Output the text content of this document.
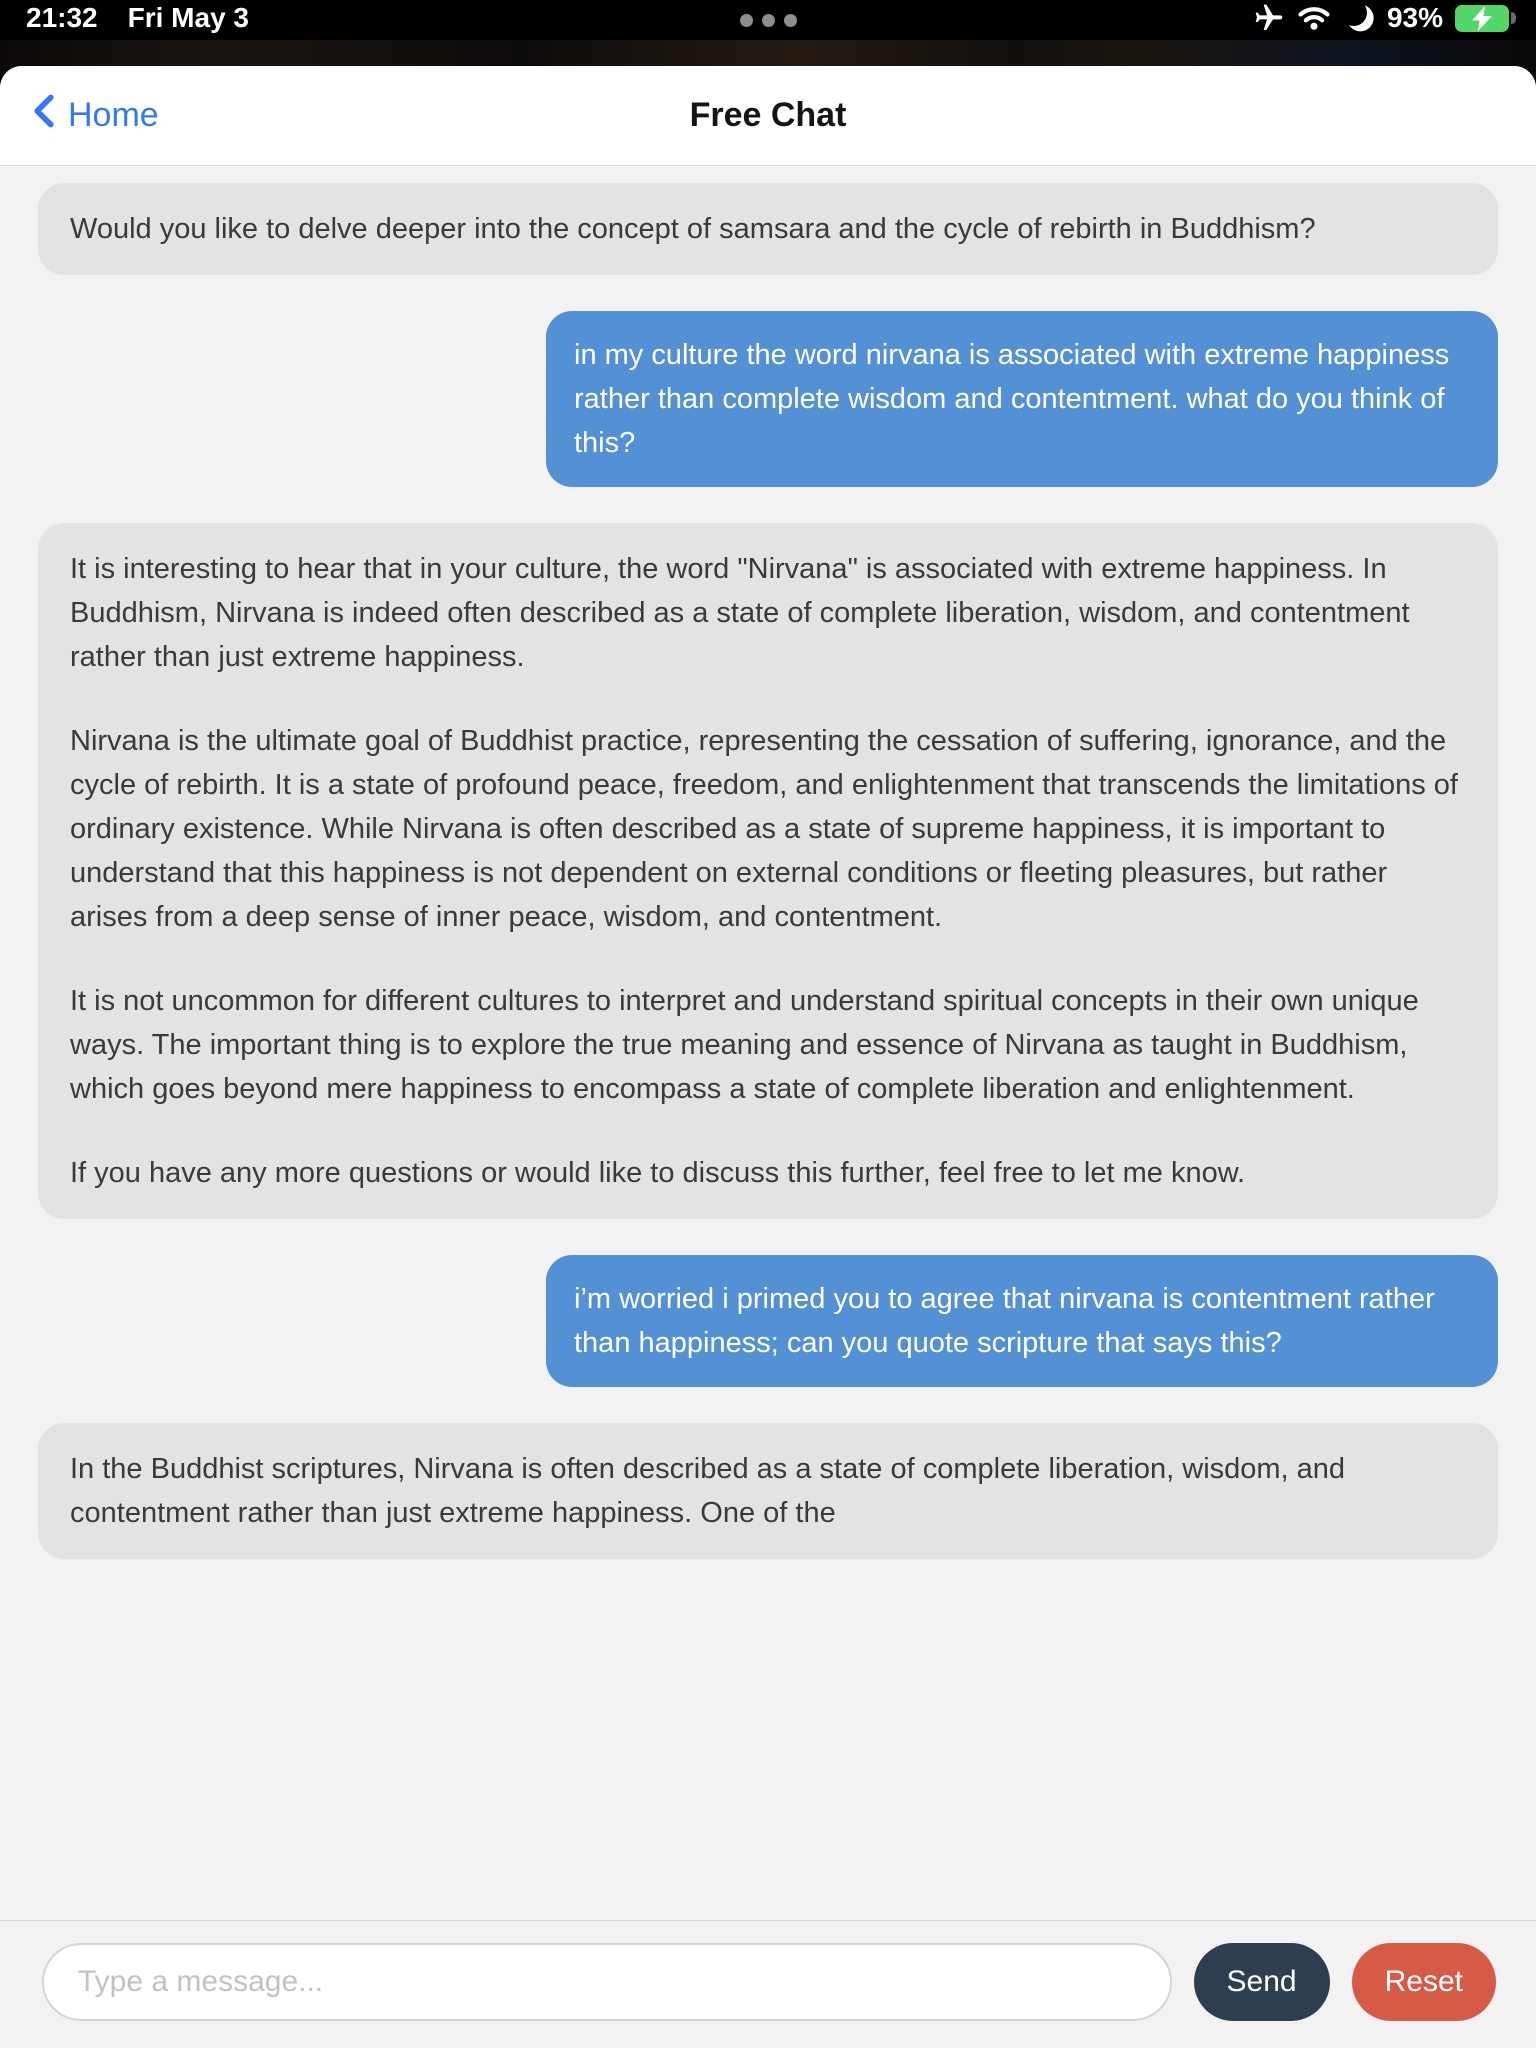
21:32 Fri May 3	93%
Home	Free Chat

Would you like to delve deeper into the concept of samsara and the cycle of rebirth in Buddhism?

in my culture the word nirvana is associated with extreme happiness rather than complete wisdom and contentment. what do you think of this?

It is interesting to hear that in your culture, the word "Nirvana" is associated with extreme happiness. In Buddhism, Nirvana is indeed often described as a state of complete liberation, wisdom, and contentment rather than just extreme happiness.

Nirvana is the ultimate goal of Buddhist practice, representing the cessation of suffering, ignorance, and the cycle of rebirth. It is a state of profound peace, freedom, and enlightenment that transcends the limitations of ordinary existence. While Nirvana is often described as a state of supreme happiness, it is important to understand that this happiness is not dependent on external conditions or fleeting pleasures, but rather arises from a deep sense of inner peace, wisdom, and contentment.

It is not uncommon for different cultures to interpret and understand spiritual concepts in their own unique ways. The important thing is to explore the true meaning and essence of Nirvana as taught in Buddhism, which goes beyond mere happiness to encompass a state of complete liberation and enlightenment.

If you have any more questions or would like to discuss this further, feel free to let me know.

i’m worried i primed you to agree that nirvana is contentment rather than happiness; can you quote scripture that says this?

In the Buddhist scriptures, Nirvana is often described as a state of complete liberation, wisdom, and contentment rather than just extreme happiness. One of the

Type a message...
Send	Reset
